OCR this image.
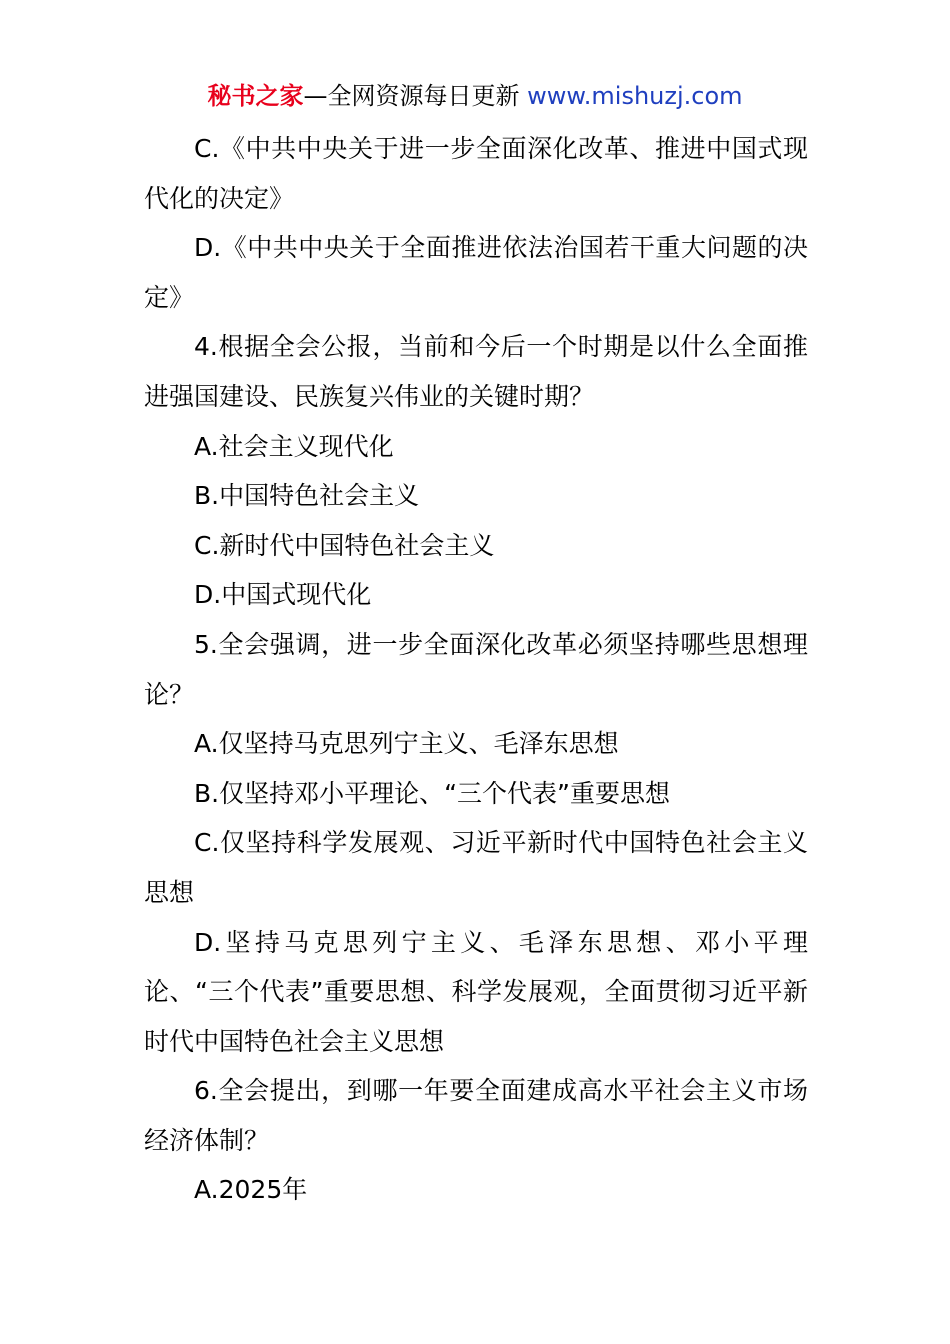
秘书之家—全网资源每日更新 www.mishuzj.com

C.《中共中央关于进一步全面深化改革、推进中国式现代化的决定》

D.《中共中央关于全面推进依法治国若干重大问题的决定》

4.根据全会公报，当前和今后一个时期是以什么全面推进强国建设、民族复兴伟业的关键时期？

A.社会主义现代化

B.中国特色社会主义

C.新时代中国特色社会主义

D.中国式现代化

5.全会强调，进一步全面深化改革必须坚持哪些思想理论？

A.仅坚持马克思列宁主义、毛泽东思想

B.仅坚持邓小平理论、“三个代表”重要思想

C.仅坚持科学发展观、习近平新时代中国特色社会主义思想

D.坚持马克思列宁主义、毛泽东思想、邓小平理论、“三个代表”重要思想、科学发展观，全面贯彻习近平新时代中国特色社会主义思想

6.全会提出，到哪一年要全面建成高水平社会主义市场经济体制？

A.2025年
